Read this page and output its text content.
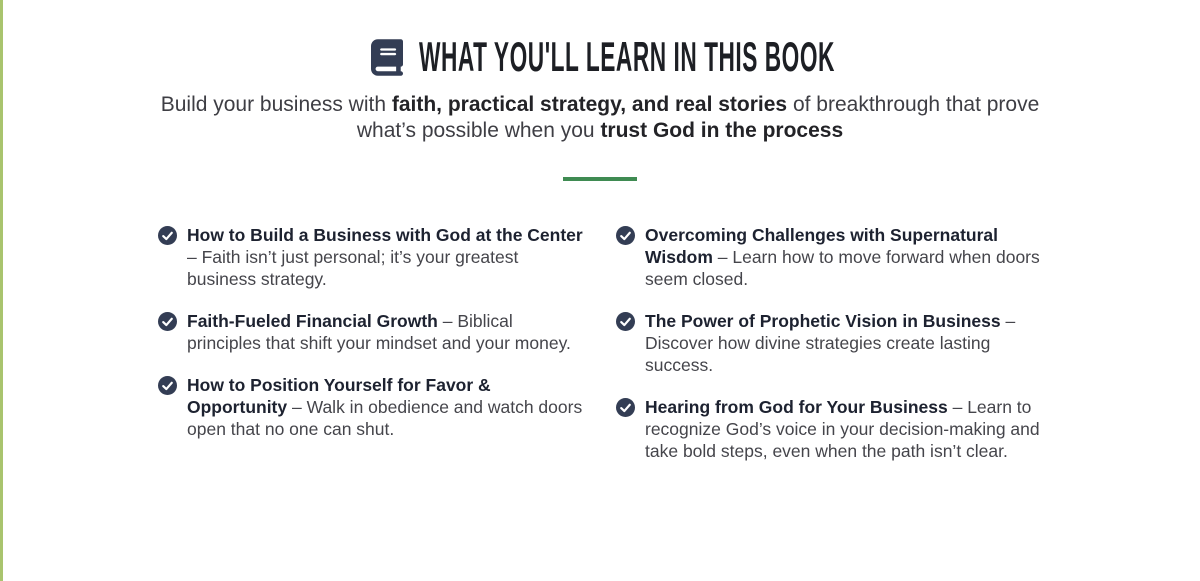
WHAT YOU'LL LEARN IN THIS BOOK

Build your business with faith, practical strategy, and real stories of breakthrough that prove what’s possible when you trust God in the process

How to Build a Business with God at the Center – Faith isn’t just personal; it’s your greatest business strategy.

Faith-Fueled Financial Growth – Biblical principles that shift your mindset and your money.

How to Position Yourself for Favor & Opportunity – Walk in obedience and watch doors open that no one can shut.

Overcoming Challenges with Supernatural Wisdom – Learn how to move forward when doors seem closed.

The Power of Prophetic Vision in Business – Discover how divine strategies create lasting success.

Hearing from God for Your Business – Learn to recognize God’s voice in your decision-making and take bold steps, even when the path isn’t clear.
